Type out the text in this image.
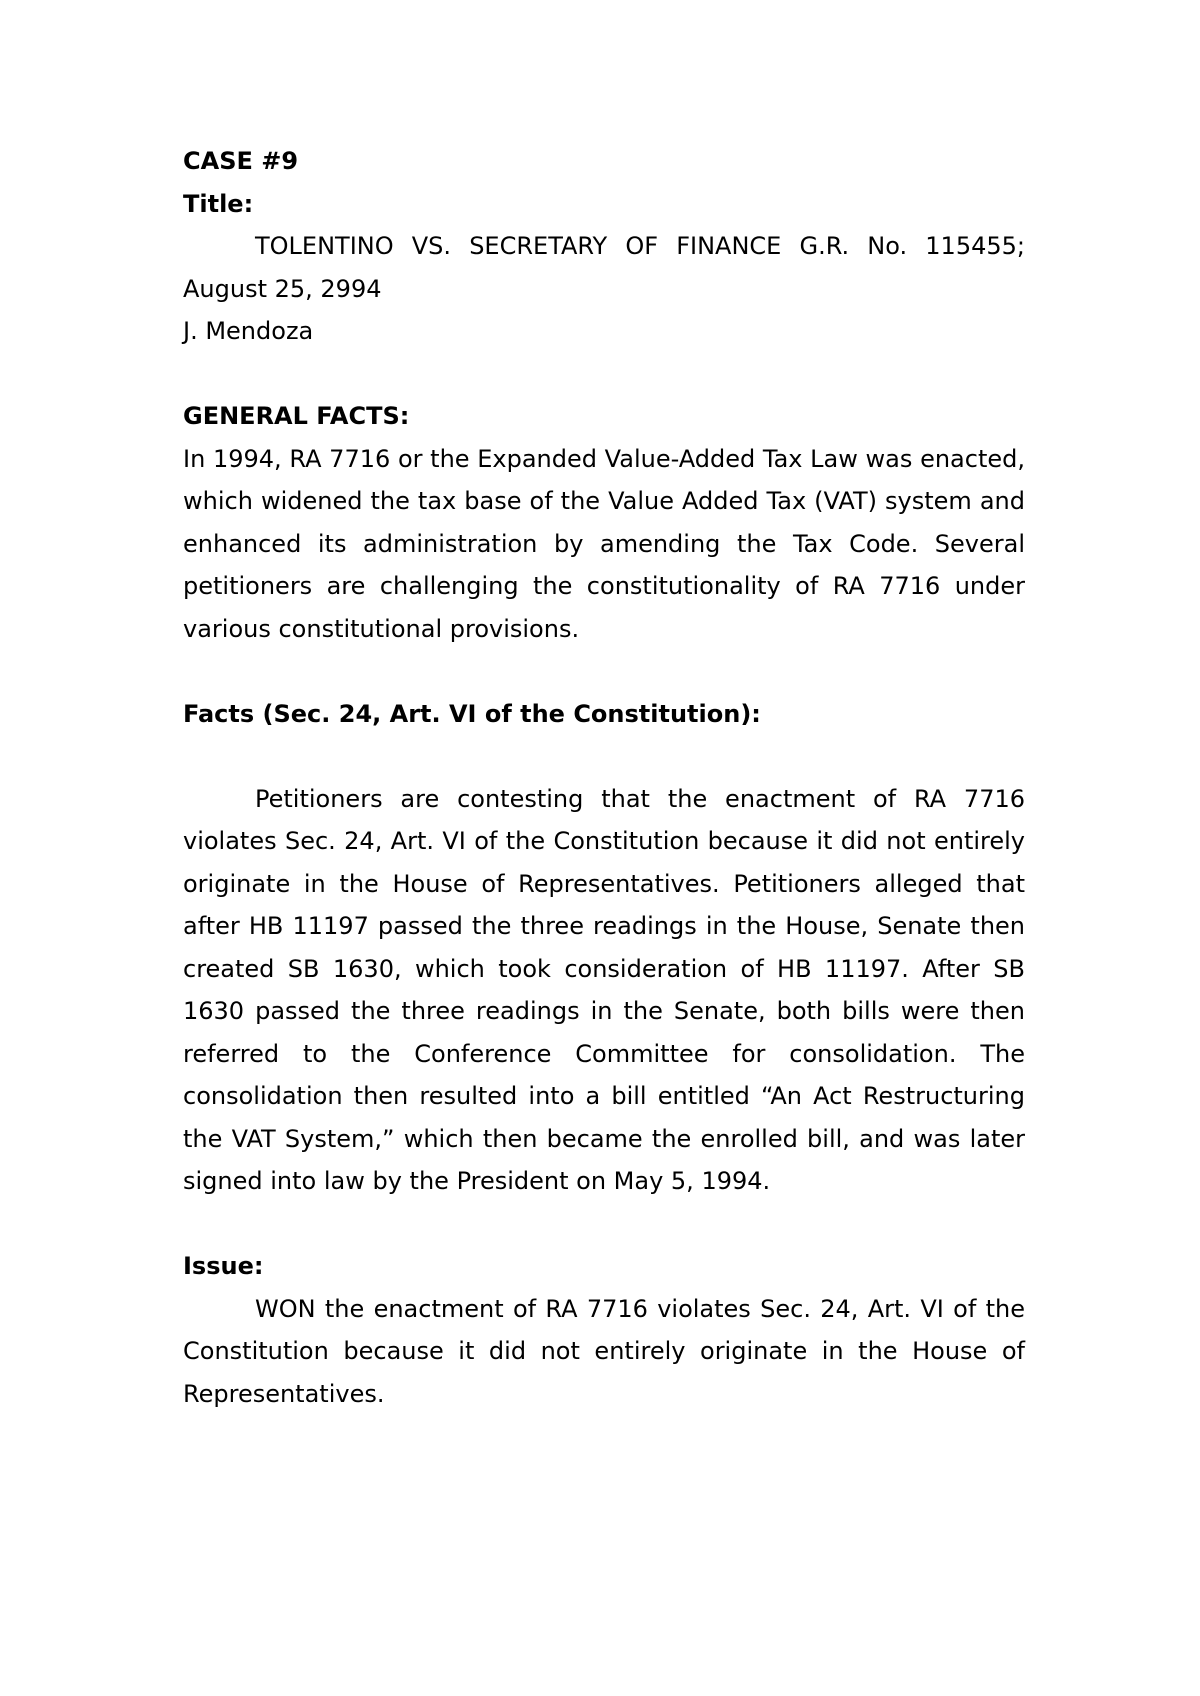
CASE #9

Title:

TOLENTINO VS. SECRETARY OF FINANCE G.R. No. 115455; August 25, 2994

J. Mendoza

GENERAL FACTS:

In 1994, RA 7716 or the Expanded Value-Added Tax Law was enacted, which widened the tax base of the Value Added Tax (VAT) system and enhanced its administration by amending the Tax Code. Several petitioners are challenging the constitutionality of RA 7716 under various constitutional provisions.

Facts (Sec. 24, Art. VI of the Constitution):

Petitioners are contesting that the enactment of RA 7716 violates Sec. 24, Art. VI of the Constitution because it did not entirely originate in the House of Representatives. Petitioners alleged that after HB 11197 passed the three readings in the House, Senate then created SB 1630, which took consideration of HB 11197. After SB 1630 passed the three readings in the Senate, both bills were then referred to the Conference Committee for consolidation. The consolidation then resulted into a bill entitled “An Act Restructuring the VAT System,” which then became the enrolled bill, and was later signed into law by the President on May 5, 1994.

Issue:

WON the enactment of RA 7716 violates Sec. 24, Art. VI of the Constitution because it did not entirely originate in the House of Representatives.
